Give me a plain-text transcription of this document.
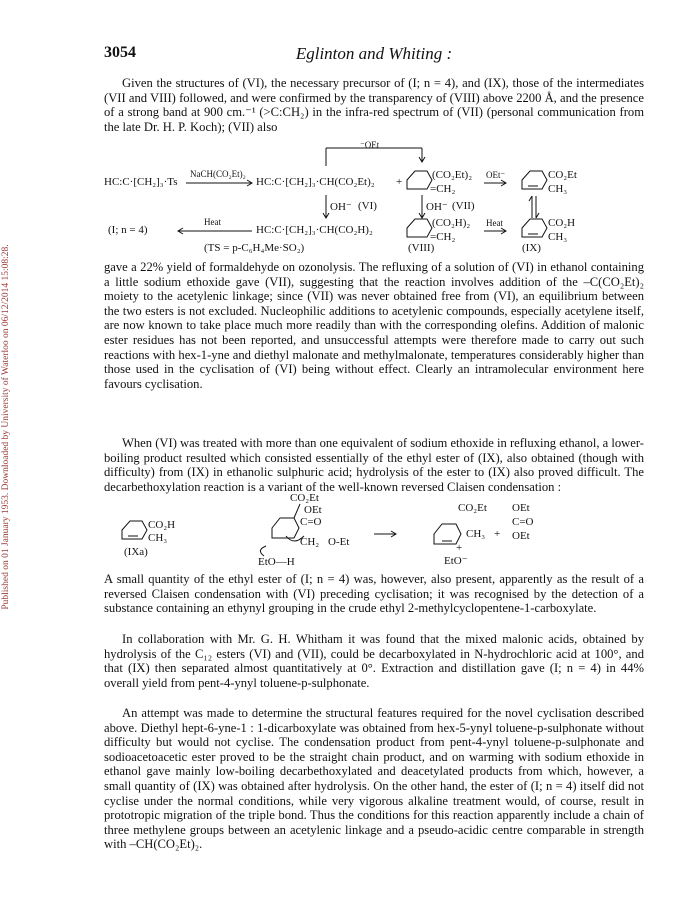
Published on 01 January 1953. Downloaded by University of Waterloo on 06/12/2014 15:08:28.
3054	Eglinton and Whiting :

Given the structures of (VI), the necessary precursor of (I; n = 4), and (IX), those of the intermediates (VII and VIII) followed, and were confirmed by the transparency of (VIII) above 2200 Å, and the presence of a strong band at 900 cm.⁻¹ (>C:CH₂) in the infra-red spectrum of (VII) (personal communication from the late Dr. H. P. Koch); (VII) also

HC:C·[CH₂]₃·Ts
NaCH(CO₂Et)₂
HC:C·[CH₂]₃·CH(CO₂Et)₂ +
⁻OEt
(CO₂Et)₂
=CH₂
OEt⁻	CO₂Et
CH₃
OH⁻ (VI)	OH⁻ (VII)
(I; n = 4)
Heat
HC:C·[CH₂]₃·CH(CO₂H)₂
(CO₂H)₂
=CH₂
Heat	CO₂H
CH₃
(TS = p-C₆H₄Me·SO₂)	(VIII)	(IX)

gave a 22% yield of formaldehyde on ozonolysis. The refluxing of a solution of (VI) in ethanol containing a little sodium ethoxide gave (VII), suggesting that the reaction involves addition of the –C(CO₂Et)₂ moiety to the acetylenic linkage; since (VII) was never obtained free from (VI), an equilibrium between the two esters is not excluded. Nucleophilic additions to acetylenic compounds, especially acetylene itself, are now known to take place much more readily than with the corresponding olefins. Addition of malonic ester residues has not been reported, and unsuccessful attempts were therefore made to carry out such reactions with hex-1-yne and diethyl malonate and methylmalonate, temperatures considerably higher than those used in the cyclisation of (VI) being without effect. Clearly an intramolecular environment here favours cyclisation.

When (VI) was treated with more than one equivalent of sodium ethoxide in refluxing ethanol, a lower-boiling product resulted which consisted essentially of the ethyl ester of (IX), also obtained (though with difficulty) from (IX) in ethanolic sulphuric acid; hydrolysis of the ester to (IX) also proved difficult. The decarbethoxylation reaction is a variant of the well-known reversed Claisen condensation :

CO₂H
CH₃
(IXa)
CO₂Et
OEt
C=O
CH₂ O-Et
EtO—H
CO₂Et
CH₃ +
+
OEt
C=O
OEt
EtO⁻

A small quantity of the ethyl ester of (I; n = 4) was, however, also present, apparently as the result of a reversed Claisen condensation with (VI) preceding cyclisation; it was recognised by the detection of a substance containing an ethynyl grouping in the crude ethyl 2-methylcyclopentene-1-carboxylate.

In collaboration with Mr. G. H. Whitham it was found that the mixed malonic acids, obtained by hydrolysis of the C₁₂ esters (VI) and (VII), could be decarboxylated in N-hydrochloric acid at 100°, and that (IX) then separated almost quantitatively at 0°. Extraction and distillation gave (I; n = 4) in 44% overall yield from pent-4-ynyl toluene-p-sulphonate.

An attempt was made to determine the structural features required for the novel cyclisation described above. Diethyl hept-6-yne-1 : 1-dicarboxylate was obtained from hex-5-ynyl toluene-p-sulphonate without difficulty but would not cyclise. The condensation product from pent-4-ynyl toluene-p-sulphonate and sodioacetoacetic ester proved to be the straight chain product, and on warming with sodium ethoxide in ethanol gave mainly low-boiling decarbethoxylated and deacetylated products from which, however, a small quantity of (IX) was obtained after hydrolysis. On the other hand, the ester of (I; n = 4) itself did not cyclise under the normal conditions, while very vigorous alkaline treatment would, of course, result in prototropic migration of the triple bond. Thus the conditions for this reaction apparently include a chain of three methylene groups between an acetylenic linkage and a pseudo-acidic centre comparable in strength with –CH(CO₂Et)₂.
